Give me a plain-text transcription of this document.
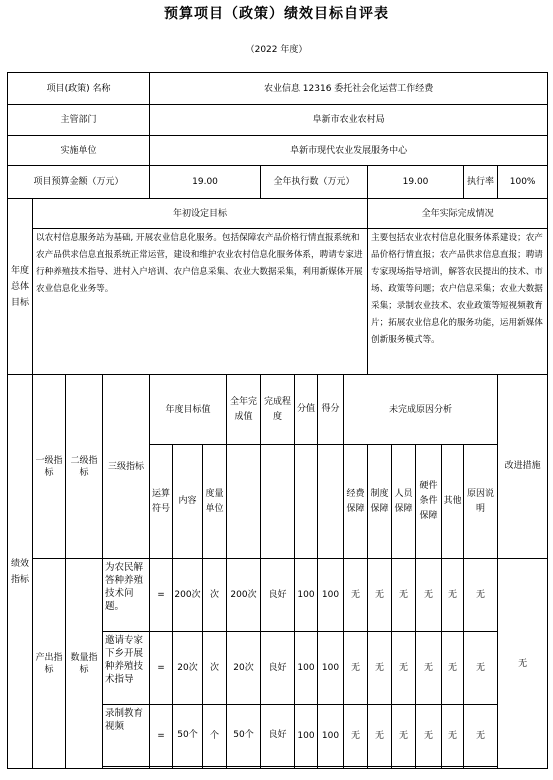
预算项目（政策）绩效目标自评表
（2022 年度）
项目(政策) 名称				农业信息 12316 委托社会化运营工作经费														
主管部门				阜新市农业农村局														
实施单位				阜新市现代农业发展服务中心														
项目预算金额（万元）				19.00				全年执行数（万元）				19.00				执行率	100%	
年度总体目标	年初设定目标											全年实际完成情况						
	以农村信息服务站为基础, 开展农业信息化服务。包括保障农产品价格行情直报系统和农产品供求信息直报系统正常运营，建设和维护农业农村信息化服务体系，聘请专家进行种养殖技术指导、进村入户培训、农户信息采集、农业大数据采集，利用新媒体开展农业信息化业务等。											主要包括农业农村信息化服务体系建设；农产品价格行情直报；农产品供求信息直报；聘请专家现场指导培训，解答农民提出的技术、市场、政策等问题；农户信息采集；农业大数据采集；录制农业技术、农业政策等短视频教育片；拓展农业信息化的服务功能，运用新媒体创新服务模式等。						
绩效指标	一级指标	二级指标	三级指标	年度目标值			全年完成值	完成程度	分值	得分	未完成原因分析						改进措施	
				运算符号	内容	度量单位					经费保障	制度保障	人员保障	硬件条件保障	其他	原因说明		
	产出指标	数量指标	为农民解答种养殖技术问题。	=	200次	次	200次	良好	100	100	无	无	无	无	无	无	无	
			邀请专家下乡开展种养殖技术指导	=	20次	次	20次	良好	100	100	无	无	无	无	无	无		
			录制教育视频	=	50个	个	50个	良好	100	100	无	无	无	无	无	无		
